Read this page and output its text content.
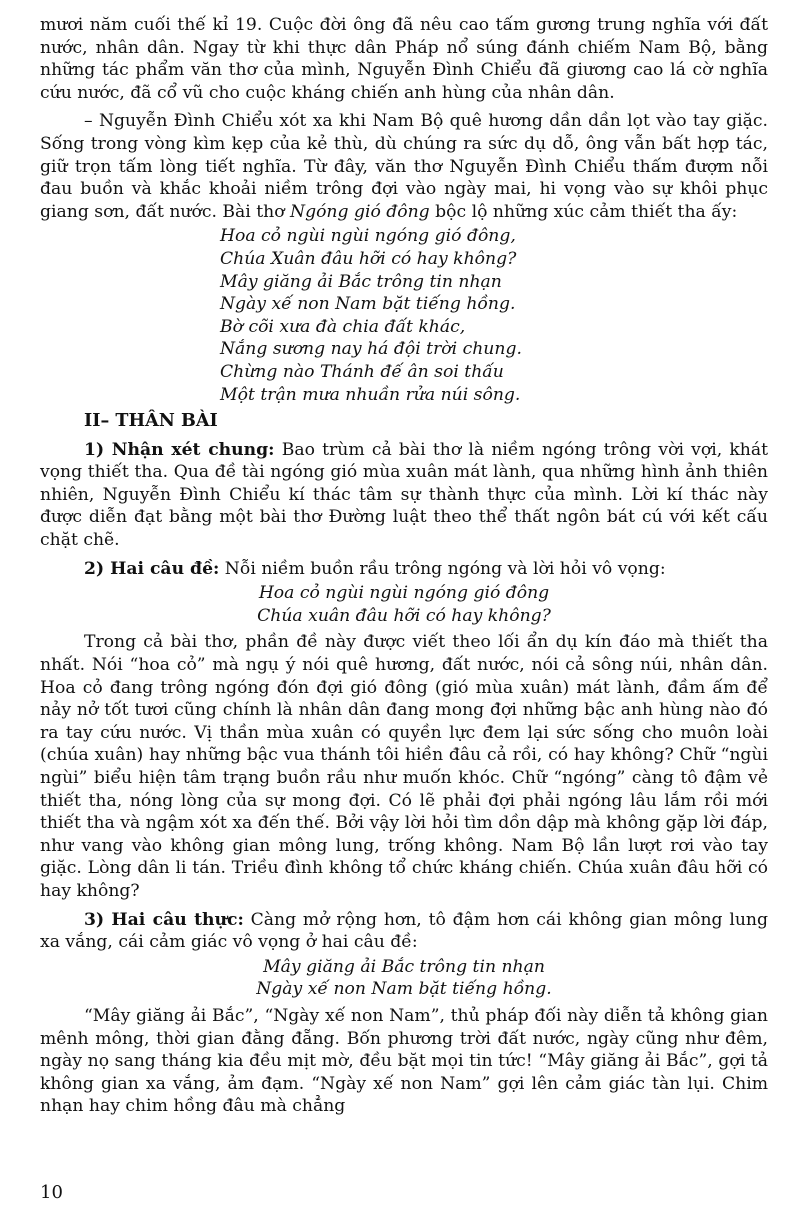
mươi năm cuối thế kỉ 19. Cuộc đời ông đã nêu cao tấm gương trung nghĩa với đất nước, nhân dân. Ngay từ khi thực dân Pháp nổ súng đánh chiếm Nam Bộ, bằng những tác phẩm văn thơ của mình, Nguyễn Đình Chiểu đã giương cao lá cờ nghĩa cứu nước, đã cổ vũ cho cuộc kháng chiến anh hùng của nhân dân.

– Nguyễn Đình Chiểu xót xa khi Nam Bộ quê hương dần dần lọt vào tay giặc. Sống trong vòng kìm kẹp của kẻ thù, dù chúng ra sức dụ dỗ, ông vẫn bất hợp tác, giữ trọn tấm lòng tiết nghĩa. Từ đây, văn thơ Nguyễn Đình Chiểu thấm đượm nỗi đau buồn và khắc khoải niềm trông đợi vào ngày mai, hi vọng vào sự khôi phục giang sơn, đất nước. Bài thơ Ngóng gió đông bộc lộ những xúc cảm thiết tha ấy:

Hoa cỏ ngùi ngùi ngóng gió đông,
Chúa Xuân đâu hỡi có hay không?
Mây giăng ải Bắc trông tin nhạn
Ngày xế non Nam bặt tiếng hồng.
Bờ cõi xưa đà chia đất khác,
Nắng sương nay há đội trời chung.
Chừng nào Thánh đế ân soi thấu
Một trận mưa nhuần rửa núi sông.
II– THÂN BÀI

1) Nhận xét chung: Bao trùm cả bài thơ là niềm ngóng trông vời vợi, khát vọng thiết tha. Qua đề tài ngóng gió mùa xuân mát lành, qua những hình ảnh thiên nhiên, Nguyễn Đình Chiểu kí thác tâm sự thành thực của mình. Lời kí thác này được diễn đạt bằng một bài thơ Đường luật theo thể thất ngôn bát cú với kết cấu chặt chẽ.

2) Hai câu đề: Nỗi niềm buồn rầu trông ngóng và lời hỏi vô vọng:

Hoa cỏ ngùi ngùi ngóng gió đông
Chúa xuân đâu hỡi có hay không?

Trong cả bài thơ, phần đề này được viết theo lối ẩn dụ kín đáo mà thiết tha nhất. Nói “hoa cỏ” mà ngụ ý nói quê hương, đất nước, nói cả sông núi, nhân dân. Hoa cỏ đang trông ngóng đón đợi gió đông (gió mùa xuân) mát lành, đầm ấm để nảy nở tốt tươi cũng chính là nhân dân đang mong đợi những bậc anh hùng nào đó ra tay cứu nước. Vị thần mùa xuân có quyền lực đem lại sức sống cho muôn loài (chúa xuân) hay những bậc vua thánh tôi hiền đâu cả rồi, có hay không? Chữ “ngùi ngùi” biểu hiện tâm trạng buồn rầu như muốn khóc. Chữ “ngóng” càng tô đậm vẻ thiết tha, nóng lòng của sự mong đợi. Có lẽ phải đợi phải ngóng lâu lắm rồi mới thiết tha và ngậm xót xa đến thế. Bởi vậy lời hỏi tìm dồn dập mà không gặp lời đáp, như vang vào không gian mông lung, trống không. Nam Bộ lần lượt rơi vào tay giặc. Lòng dân li tán. Triều đình không tổ chức kháng chiến. Chúa xuân đâu hỡi có hay không?

3) Hai câu thực: Càng mở rộng hơn, tô đậm hơn cái không gian mông lung xa vắng, cái cảm giác vô vọng ở hai câu đề:

Mây giăng ải Bắc trông tin nhạn
Ngày xế non Nam bặt tiếng hồng.

“Mây giăng ải Bắc”, “Ngày xế non Nam”, thủ pháp đối này diễn tả không gian mênh mông, thời gian đằng đẵng. Bốn phương trời đất nước, ngày cũng như đêm, ngày nọ sang tháng kia đều mịt mờ, đều bặt mọi tin tức! “Mây giăng ải Bắc”, gợi tả không gian xa vắng, ảm đạm. “Ngày xế non Nam” gợi lên cảm giác tàn lụi. Chim nhạn hay chim hồng đâu mà chẳng

10
